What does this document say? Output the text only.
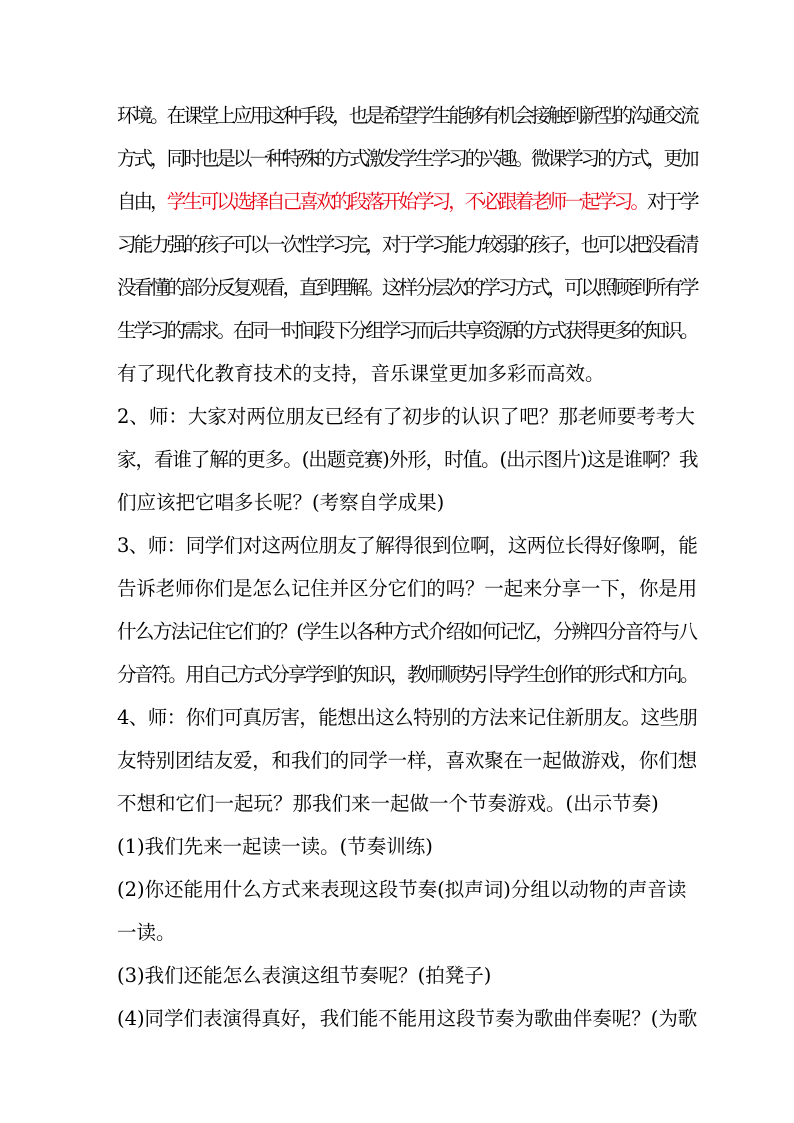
环境。在课堂上应用这种手段，也是希望学生能够有机会接触到新型的沟通交流
方式，同时也是以一种特殊的方式激发学生学习的兴趣。微课学习的方式，更加
自由，学生可以选择自己喜欢的段落开始学习，不必跟着老师一起学习。对于学
习能力强的孩子可以一次性学习完，对于学习能力较弱的孩子，也可以把没看清
没看懂的部分反复观看，直到理解。这样分层次的学习方式，可以照顾到所有学
生学习的需求。在同一时间段下分组学习而后共享资源的方式获得更多的知识。
有了现代化教育技术的支持，音乐课堂更加多彩而高效。
2、师：大家对两位朋友已经有了初步的认识了吧？那老师要考考大
家，看谁了解的更多。(出题竞赛)外形，时值。(出示图片)这是谁啊？我
们应该把它唱多长呢？(考察自学成果)
3、师：同学们对这两位朋友了解得很到位啊，这两位长得好像啊，能
告诉老师你们是怎么记住并区分它们的吗？一起来分享一下，你是用
什么方法记住它们的？(学生以各种方式介绍如何记忆，分辨四分音符与八
分音符。用自己方式分享学到的知识，教师顺势引导学生创作的形式和方向。
4、师：你们可真厉害，能想出这么特别的方法来记住新朋友。这些朋
友特别团结友爱，和我们的同学一样，喜欢聚在一起做游戏，你们想
不想和它们一起玩？那我们来一起做一个节奏游戏。(出示节奏)
(1)我们先来一起读一读。(节奏训练)
(2)你还能用什么方式来表现这段节奏(拟声词)分组以动物的声音读
一读。
(3)我们还能怎么表演这组节奏呢？(拍凳子)
(4)同学们表演得真好，我们能不能用这段节奏为歌曲伴奏呢？(为歌
